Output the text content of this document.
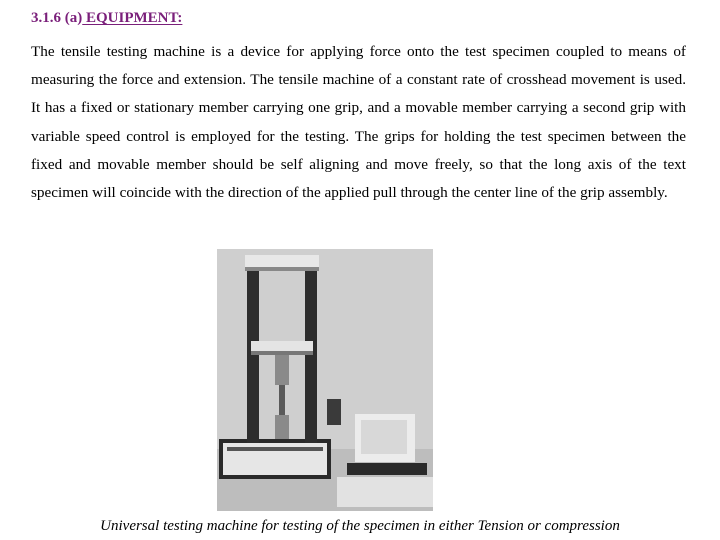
3.1.6 (a) EQUIPMENT:
The tensile testing machine is a device for applying force onto the test specimen coupled to means of measuring the force and extension. The tensile machine of a constant rate of crosshead movement is used. It has a fixed or stationary member carrying one grip, and a movable member carrying a second grip with variable speed control is employed for the testing. The grips for holding the test specimen between the fixed and movable member should be self aligning and move freely, so that the long axis of the text specimen will coincide with the direction of the applied pull through the center line of the grip assembly.
Universal testing machine for testing of the specimen in either Tension or compression
